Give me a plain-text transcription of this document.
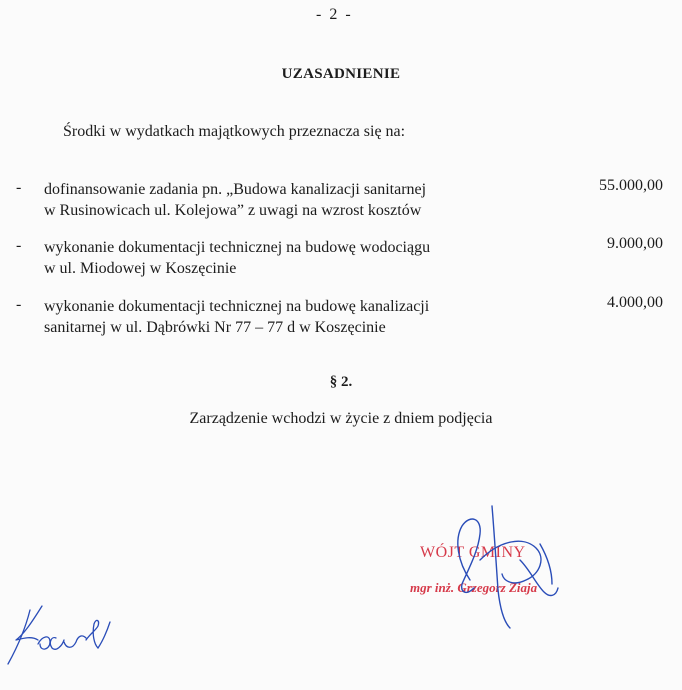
- 2 -
UZASADNIENIE
Środki w wydatkach majątkowych przeznacza się na:
- dofinansowanie zadania pn. „Budowa kanalizacji sanitarnej
w Rusinowicach ul. Kolejowa” z uwagi na wzrost kosztów
55.000,00
- wykonanie dokumentacji technicznej na budowę wodociągu
w ul. Miodowej w Koszęcinie
9.000,00
- wykonanie dokumentacji technicznej na budowę kanalizacji
sanitarnej w ul. Dąbrówki Nr 77 – 77 d w Koszęcinie
4.000,00
§ 2.
Zarządzenie wchodzi w życie z dniem podjęcia
WÓJT GMINY
mgr inż. Grzegorz Ziaja
